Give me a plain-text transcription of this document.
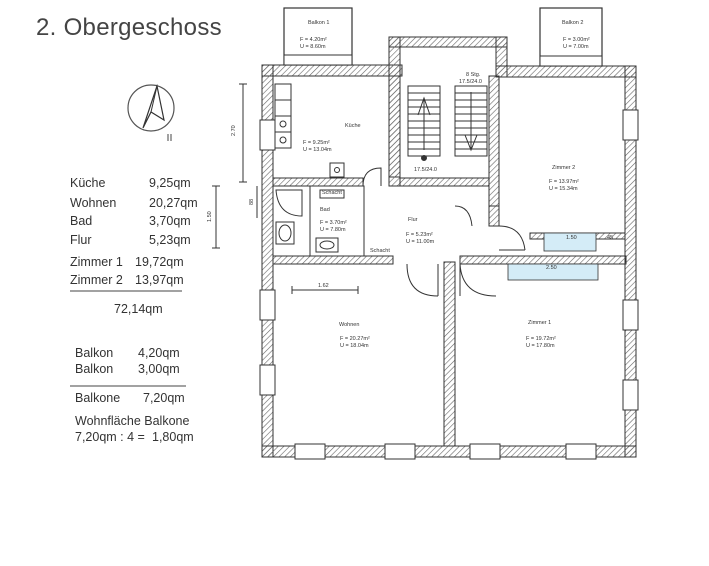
2. Obergeschoss	Balkon 1
F = 4.20m²
U = 8.60m
Balkon 2
F = 3.00m²
U = 7.00m
8 Stg.
17.5/24.0
17.5/24.0
Küche
F = 9.25m²
U = 13.04m
Zimmer 2
F = 13.97m²
U = 15.34m
Bad
F = 3.70m²
U = 7.80m
Flur
F = 5.23m²
U = 11.00m
Wohnen
F = 20.27m²
U = 18.04m
Zimmer 1
F = 19.72m²
U = 17.80m
Schacht
Schacht
2.70
1.50
88
1.62
1.50	45
2.50
Küche	9,25qm
Wohnen	20,27qm
Bad	3,70qm
Flur	5,23qm
Zimmer 1 19,72qm
Zimmer 2 13,97qm
72,14qm
Balkon 4,20qm
Balkon 3,00qm
Balkone 7,20qm
Wohnfläche Balkone
7,20qm : 4 = 1,80qm
